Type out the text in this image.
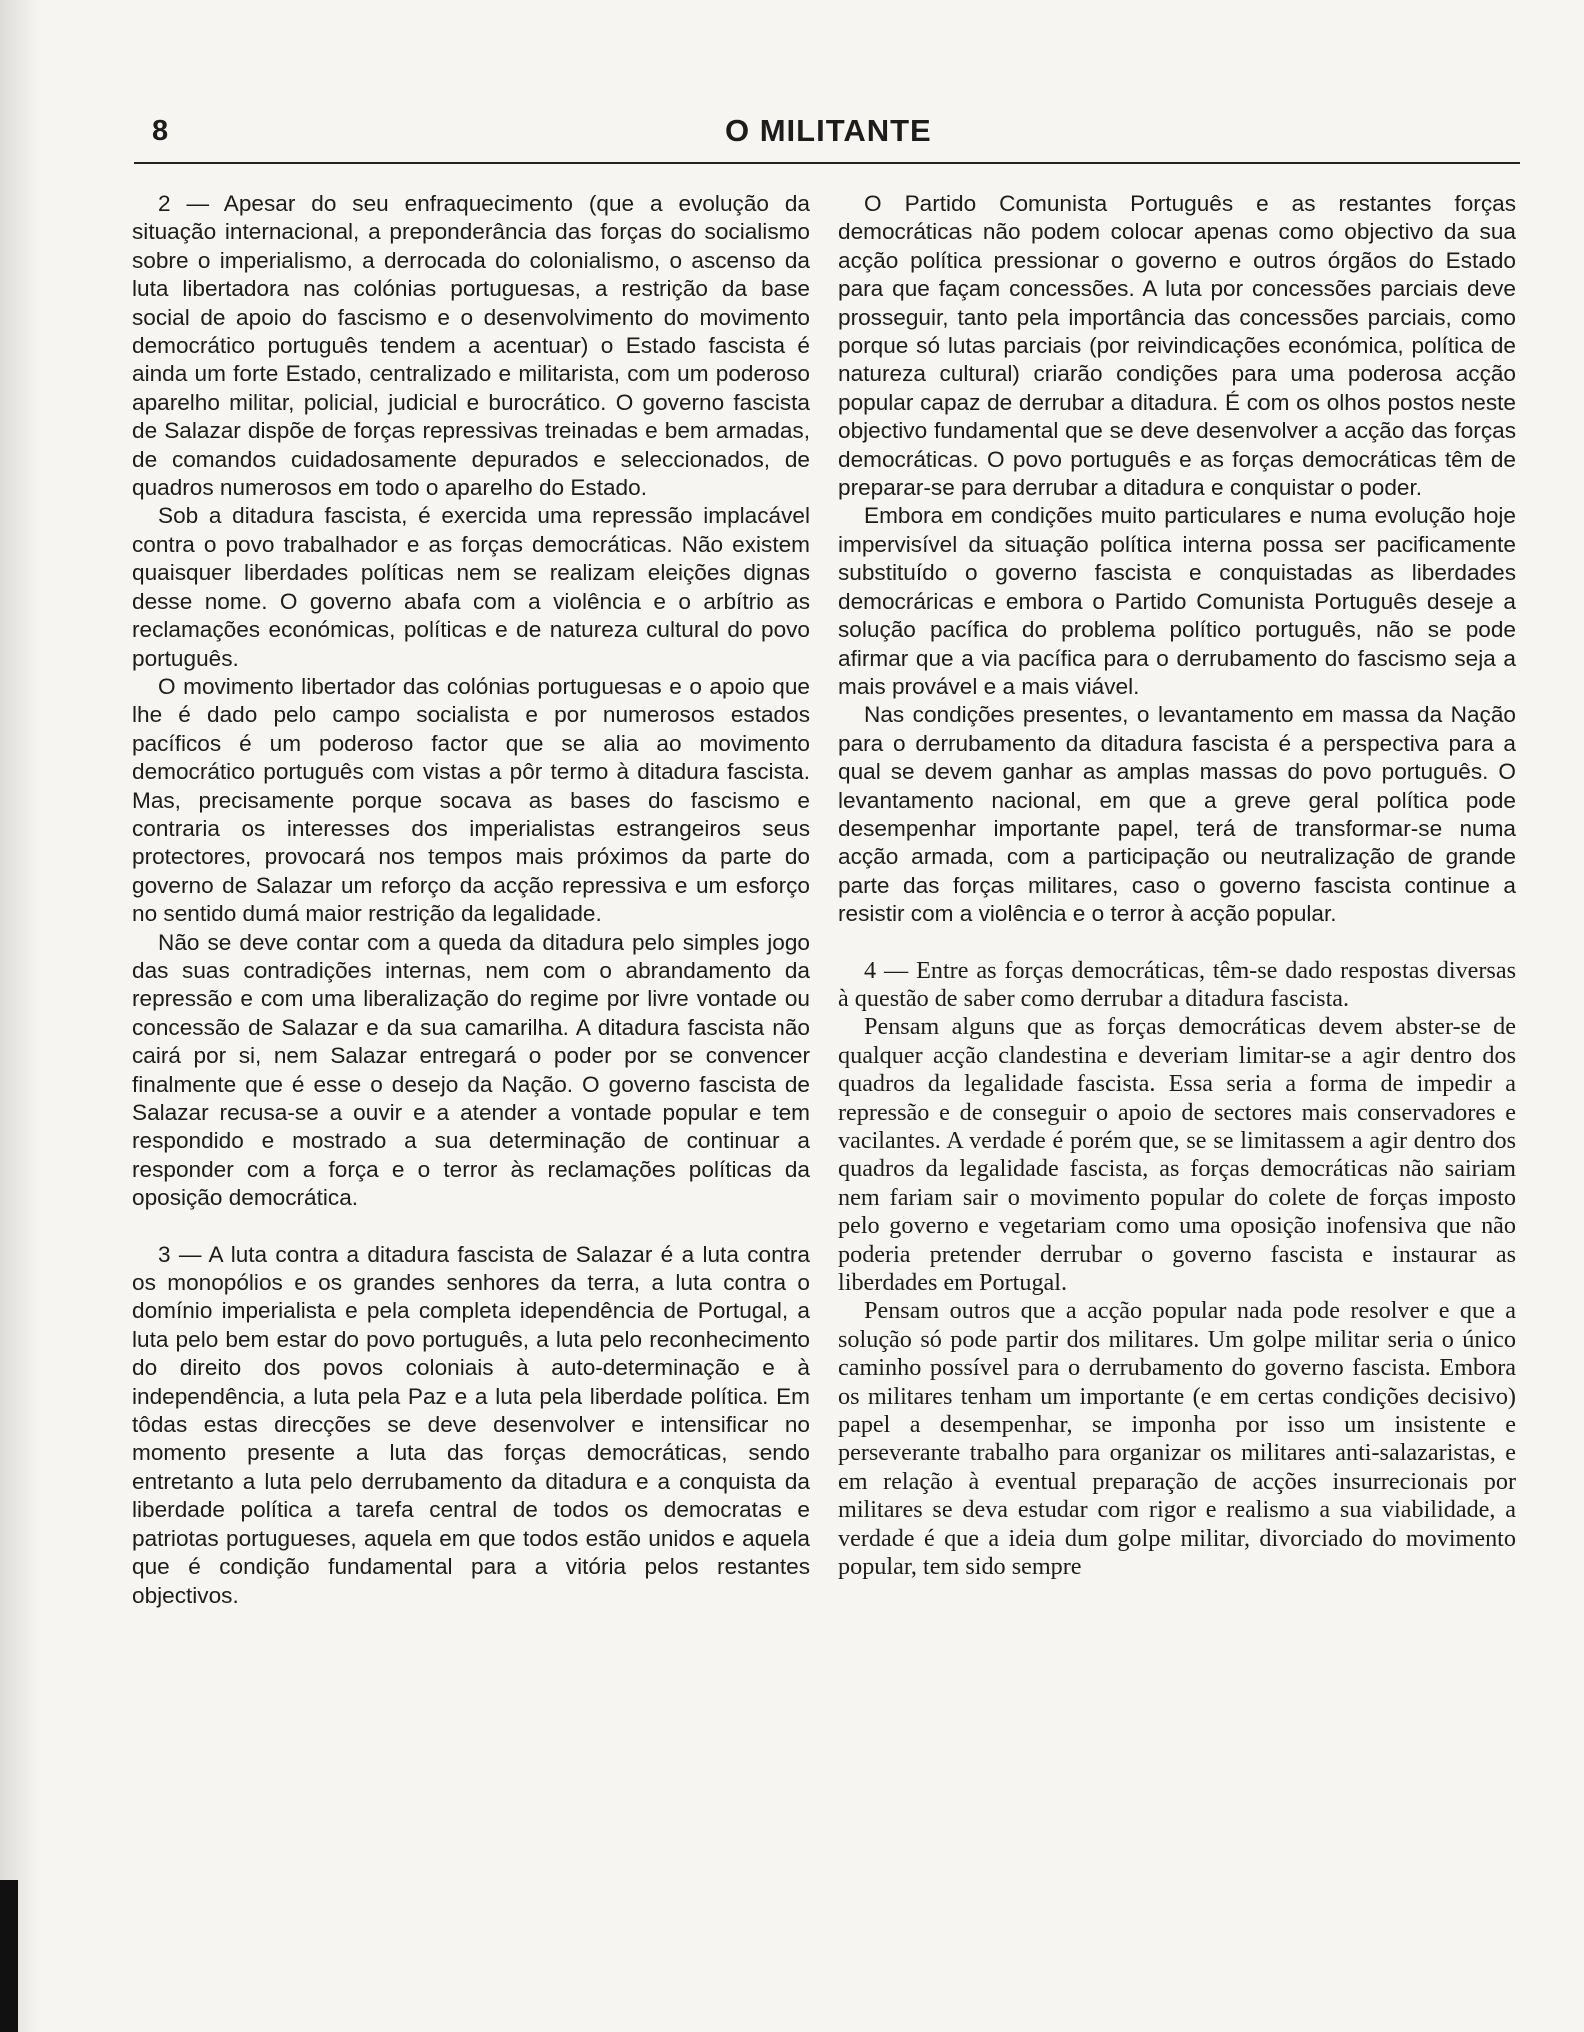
8	O MILITANTE

2 — Apesar do seu enfraquecimento (que a evolução da situação internacional, a preponderância das forças do socialismo sobre o imperialismo, a derrocada do colonialismo, o ascenso da luta libertadora nas colónias portuguesas, a restrição da base social de apoio do fascismo e o desenvolvimento do movimento democrático português tendem a acentuar) o Estado fascista é ainda um forte Estado, centralizado e militarista, com um poderoso aparelho militar, policial, judicial e burocrático. O governo fascista de Salazar dispõe de forças repressivas treinadas e bem armadas, de comandos cuidadosamente depurados e seleccionados, de quadros numerosos em todo o aparelho do Estado.

Sob a ditadura fascista, é exercida uma repressão implacável contra o povo trabalhador e as forças democráticas. Não existem quaisquer liberdades políticas nem se realizam eleições dignas desse nome. O governo abafa com a violência e o arbítrio as reclamações económicas, políticas e de natureza cultural do povo português.

O movimento libertador das colónias portuguesas e o apoio que lhe é dado pelo campo socialista e por numerosos estados pacíficos é um poderoso factor que se alia ao movimento democrático português com vistas a pôr termo à ditadura fascista. Mas, precisamente porque socava as bases do fascismo e contraria os interesses dos imperialistas estrangeiros seus protectores, provocará nos tempos mais próximos da parte do governo de Salazar um reforço da acção repressiva e um esforço no sentido dumá maior restrição da legalidade.

Não se deve contar com a queda da ditadura pelo simples jogo das suas contradições internas, nem com o abrandamento da repressão e com uma liberalização do regime por livre vontade ou concessão de Salazar e da sua camarilha. A ditadura fascista não cairá por si, nem Salazar entregará o poder por se convencer finalmente que é esse o desejo da Nação. O governo fascista de Salazar recusa-se a ouvir e a atender a vontade popular e tem respondido e mostrado a sua determinação de continuar a responder com a força e o terror às reclamações políticas da oposição democrática.

3 — A luta contra a ditadura fascista de Salazar é a luta contra os monopólios e os grandes senhores da terra, a luta contra o domínio imperialista e pela completa idependência de Portugal, a luta pelo bem estar do povo português, a luta pelo reconhecimento do direito dos povos coloniais à auto-determinação e à independência, a luta pela Paz e a luta pela liberdade política. Em tôdas estas direcções se deve desenvolver e intensificar no momento presente a luta das forças democráticas, sendo entretanto a luta pelo derrubamento da ditadura e a conquista da liberdade política a tarefa central de todos os democratas e patriotas portugueses, aquela em que todos estão unidos e aquela que é condição fundamental para a vitória pelos restantes objectivos.

O Partido Comunista Português e as restantes forças democráticas não podem colocar apenas como objectivo da sua acção política pressionar o governo e outros órgãos do Estado para que façam concessões. A luta por concessões parciais deve prosseguir, tanto pela importância das concessões parciais, como porque só lutas parciais (por reivindicações económica, política de natureza cultural) criarão condições para uma poderosa acção popular capaz de derrubar a ditadura. É com os olhos postos neste objectivo fundamental que se deve desenvolver a acção das forças democráticas. O povo português e as forças democráticas têm de preparar-se para derrubar a ditadura e conquistar o poder.

Embora em condições muito particulares e numa evolução hoje impervisível da situação política interna possa ser pacificamente substituído o governo fascista e conquistadas as liberdades democráricas e embora o Partido Comunista Português deseje a solução pacífica do problema político português, não se pode afirmar que a via pacífica para o derrubamento do fascismo seja a mais provável e a mais viável.

Nas condições presentes, o levantamento em massa da Nação para o derrubamento da ditadura fascista é a perspectiva para a qual se devem ganhar as amplas massas do povo português. O levantamento nacional, em que a greve geral política pode desempenhar importante papel, terá de transformar-se numa acção armada, com a participação ou neutralização de grande parte das forças militares, caso o governo fascista continue a resistir com a violência e o terror à acção popular.

4 — Entre as forças democráticas, têm-se dado respostas diversas à questão de saber como derrubar a ditadura fascista.

Pensam alguns que as forças democráticas devem abster-se de qualquer acção clandestina e deveriam limitar-se a agir dentro dos quadros da legalidade fascista. Essa seria a forma de impedir a repressão e de conseguir o apoio de sectores mais conservadores e vacilantes. A verdade é porém que, se se limitassem a agir dentro dos quadros da legalidade fascista, as forças democráticas não sairiam nem fariam sair o movimento popular do colete de forças imposto pelo governo e vegetariam como uma oposição inofensiva que não poderia pretender derrubar o governo fascista e instaurar as liberdades em Portugal.

Pensam outros que a acção popular nada pode resolver e que a solução só pode partir dos militares. Um golpe militar seria o único caminho possível para o derrubamento do governo fascista. Embora os militares tenham um importante (e em certas condições decisivo) papel a desempenhar, se imponha por isso um insistente e perseverante trabalho para organizar os militares anti-salazaristas, e em relação à eventual preparação de acções insurrecionais por militares se deva estudar com rigor e realismo a sua viabilidade, a verdade é que a ideia dum golpe militar, divorciado do movimento popular, tem sido sempre
